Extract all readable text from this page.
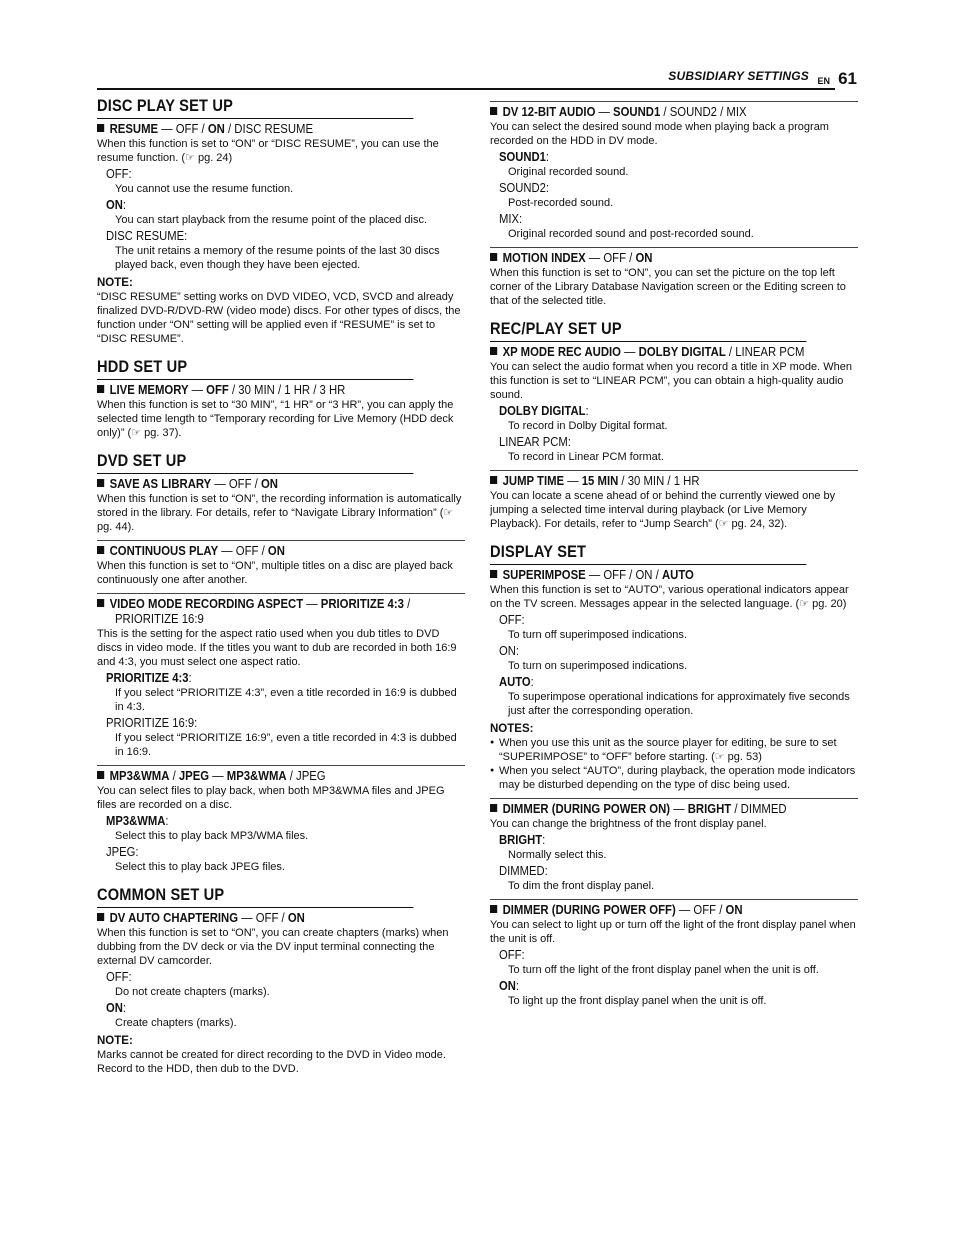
SUBSIDIARY SETTINGS EN 61
DISC PLAY SET UP
RESUME — OFF / ON / DISC RESUME
When this function is set to “ON” or “DISC RESUME”, you can use the resume function. (☞ pg. 24)
OFF:
You cannot use the resume function.
ON:
You can start playback from the resume point of the placed disc.
DISC RESUME:
The unit retains a memory of the resume points of the last 30 discs played back, even though they have been ejected.
NOTE:
“DISC RESUME” setting works on DVD VIDEO, VCD, SVCD and already finalized DVD-R/DVD-RW (video mode) discs. For other types of discs, the function under “ON” setting will be applied even if “RESUME” is set to “DISC RESUME”.
HDD SET UP
LIVE MEMORY — OFF / 30 MIN / 1 HR / 3 HR
When this function is set to “30 MIN”, “1 HR” or “3 HR”, you can apply the selected time length to “Temporary recording for Live Memory (HDD deck only)” (☞ pg. 37).
DVD SET UP
SAVE AS LIBRARY — OFF / ON
When this function is set to “ON”, the recording information is automatically stored in the library. For details, refer to “Navigate Library Information” (☞ pg. 44).
CONTINUOUS PLAY — OFF / ON
When this function is set to “ON”, multiple titles on a disc are played back continuously one after another.
VIDEO MODE RECORDING ASPECT — PRIORITIZE 4:3 /
PRIORITIZE 16:9
This is the setting for the aspect ratio used when you dub titles to DVD discs in video mode. If the titles you want to dub are recorded in both 16:9 and 4:3, you must select one aspect ratio.
PRIORITIZE 4:3:
If you select “PRIORITIZE 4:3”, even a title recorded in 16:9 is dubbed in 4:3.
PRIORITIZE 16:9:
If you select “PRIORITIZE 16:9”, even a title recorded in 4:3 is dubbed in 16:9.
MP3&WMA / JPEG — MP3&WMA / JPEG
You can select files to play back, when both MP3&WMA files and JPEG files are recorded on a disc.
MP3&WMA:
Select this to play back MP3/WMA files.
JPEG:
Select this to play back JPEG files.
COMMON SET UP
DV AUTO CHAPTERING — OFF / ON
When this function is set to “ON”, you can create chapters (marks) when dubbing from the DV deck or via the DV input terminal connecting the external DV camcorder.
OFF:
Do not create chapters (marks).
ON:
Create chapters (marks).
NOTE:
Marks cannot be created for direct recording to the DVD in Video mode. Record to the HDD, then dub to the DVD.
DV 12-BIT AUDIO — SOUND1 / SOUND2 / MIX
You can select the desired sound mode when playing back a program recorded on the HDD in DV mode.
SOUND1:
Original recorded sound.
SOUND2:
Post-recorded sound.
MIX:
Original recorded sound and post-recorded sound.
MOTION INDEX — OFF / ON
When this function is set to “ON”, you can set the picture on the top left corner of the Library Database Navigation screen or the Editing screen to that of the selected title.
REC/PLAY SET UP
XP MODE REC AUDIO — DOLBY DIGITAL / LINEAR PCM
You can select the audio format when you record a title in XP mode. When this function is set to “LINEAR PCM”, you can obtain a high-quality audio sound.
DOLBY DIGITAL:
To record in Dolby Digital format.
LINEAR PCM:
To record in Linear PCM format.
JUMP TIME — 15 MIN / 30 MIN / 1 HR
You can locate a scene ahead of or behind the currently viewed one by jumping a selected time interval during playback (or Live Memory Playback). For details, refer to “Jump Search” (☞ pg. 24, 32).
DISPLAY SET
SUPERIMPOSE — OFF / ON / AUTO
When this function is set to “AUTO”, various operational indicators appear on the TV screen. Messages appear in the selected language. (☞ pg. 20)
OFF:
To turn off superimposed indications.
ON:
To turn on superimposed indications.
AUTO:
To superimpose operational indications for approximately five seconds just after the corresponding operation.
NOTES:
● When you use this unit as the source player for editing, be sure to set “SUPERIMPOSE” to “OFF” before starting. (☞ pg. 53)
● When you select “AUTO”, during playback, the operation mode indicators may be disturbed depending on the type of disc being used.
DIMMER (DURING POWER ON) — BRIGHT / DIMMED
You can change the brightness of the front display panel.
BRIGHT:
Normally select this.
DIMMED:
To dim the front display panel.
DIMMER (DURING POWER OFF) — OFF / ON
You can select to light up or turn off the light of the front display panel when the unit is off.
OFF:
To turn off the light of the front display panel when the unit is off.
ON:
To light up the front display panel when the unit is off.
